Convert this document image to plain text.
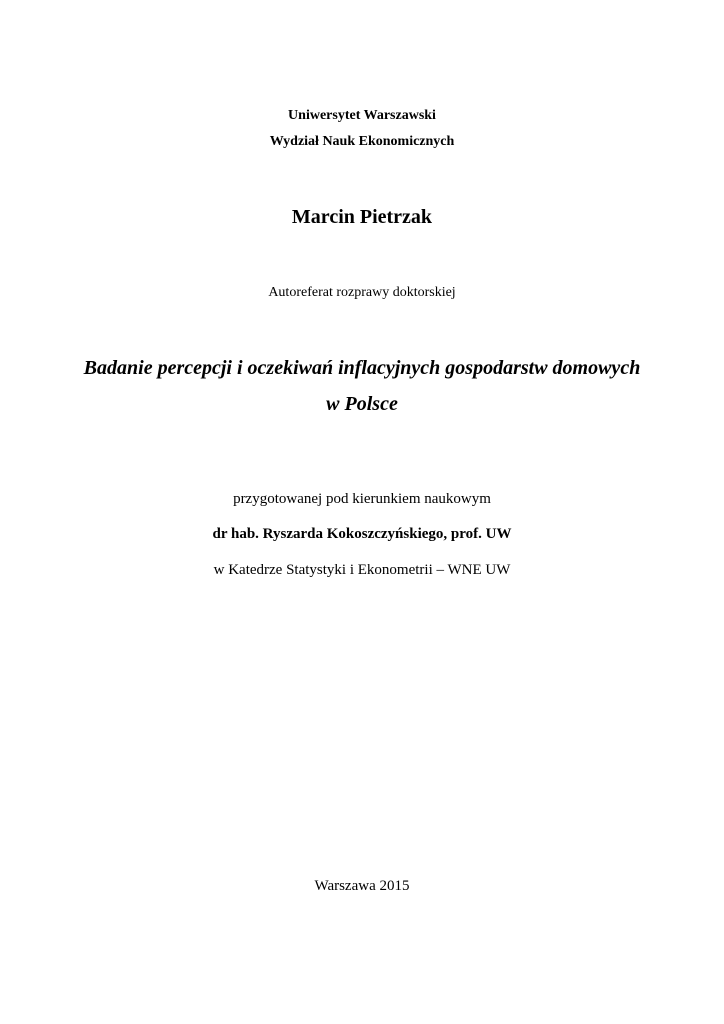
Uniwersytet Warszawski
Wydział Nauk Ekonomicznych
Marcin Pietrzak
Autoreferat rozprawy doktorskiej
Badanie percepcji i oczekiwań inflacyjnych gospodarstw domowych
w Polsce
przygotowanej pod kierunkiem naukowym
dr hab. Ryszarda Kokoszczyńskiego, prof. UW
w Katedrze Statystyki i Ekonometrii – WNE UW
Warszawa 2015
